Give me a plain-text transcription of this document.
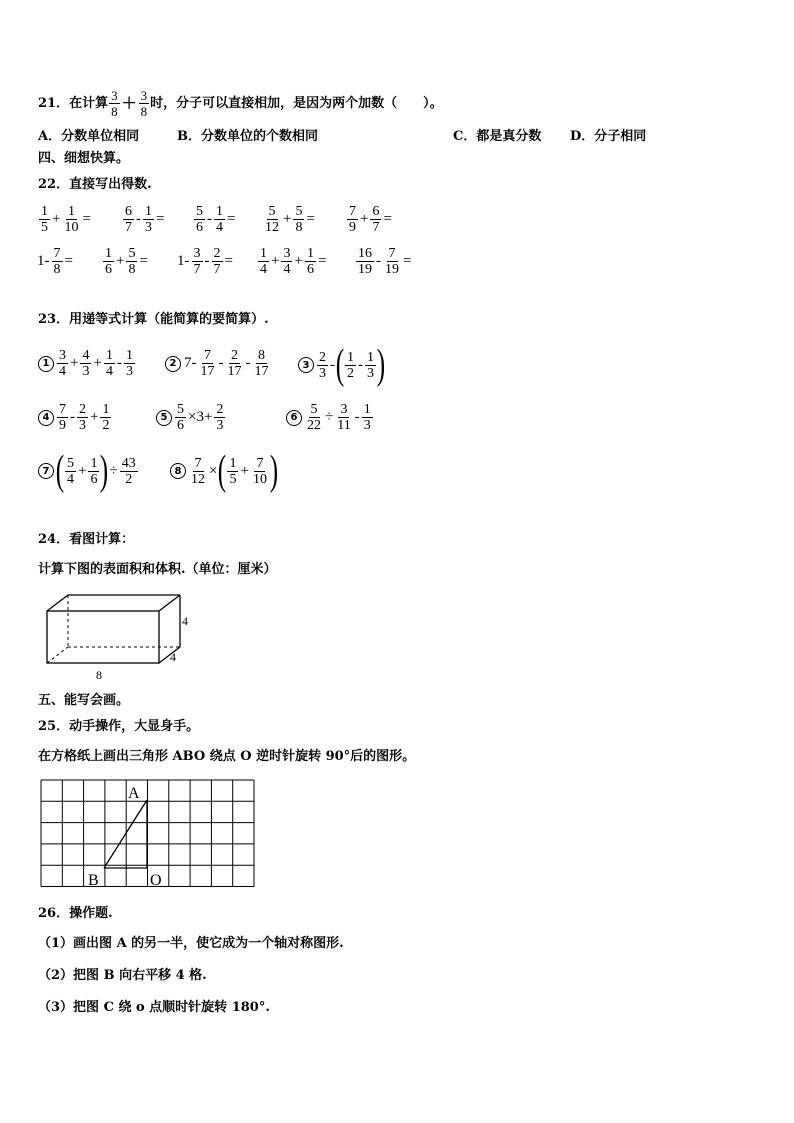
21．在计算 $\frac{3}{8} + \frac{3}{8}$ 时，分子可以直接相加，是因为两个加数（　　）。
A．分数单位相同	B．分数单位的个数相同	C．都是真分数 D．分子相同
四、细想快算。
22．直接写出得数.
$\frac{1}{5} + \frac{1}{10} = \frac{6}{7} - \frac{1}{3} = \frac{5}{6} - \frac{1}{4} = \frac{5}{12} + \frac{5}{8} = \frac{7}{9} + \frac{6}{7}$ =
$1- \frac{7}{8} = \frac{1}{6} + \frac{5}{8} = 1- \frac{3}{7} - \frac{2}{7} = \frac{1}{4} + \frac{3}{4} + \frac{1}{6} = \frac{16}{19} - \frac{7}{19}$ =
23．用递等式计算（能简算的要简算）.
$1 \frac{3}{4} + \frac{4}{3} + \frac{1}{4} - \frac{1}{3}$	2 $7- \frac{7}{17} - \frac{2}{17} - \frac{8}{17}$	$3 \frac{2}{3}$ - ( $\frac{1}{2} - \frac{1}{3}$ )
$4 \frac{7}{9} - \frac{2}{3} + \frac{1}{2}$	$5 \frac{5}{6} \times 3+ \frac{2}{3}$	$6 \frac{5}{22} \div \frac{3}{11} - \frac{1}{3}$
7 ( $\frac{5}{4} + \frac{1}{6}$ ) ÷ $\frac{43}{2}$	$8 \frac{7}{12}$ × ( $\frac{1}{5} + \frac{7}{10}$ )
24．看图计算：
计算下图的表面积和体积.（单位：厘米）
4
4
8
五、能写会画。
25．动手操作，大显身手。
在方格纸上画出三角形 ABO 绕点 O 逆时针旋转 90°后的图形。
A
B	O
26．操作题.
（1）画出图 A 的另一半，使它成为一个轴对称图形.
（2）把图 B 向右平移 4 格.
（3）把图 C 绕 o 点顺时针旋转 180°.
